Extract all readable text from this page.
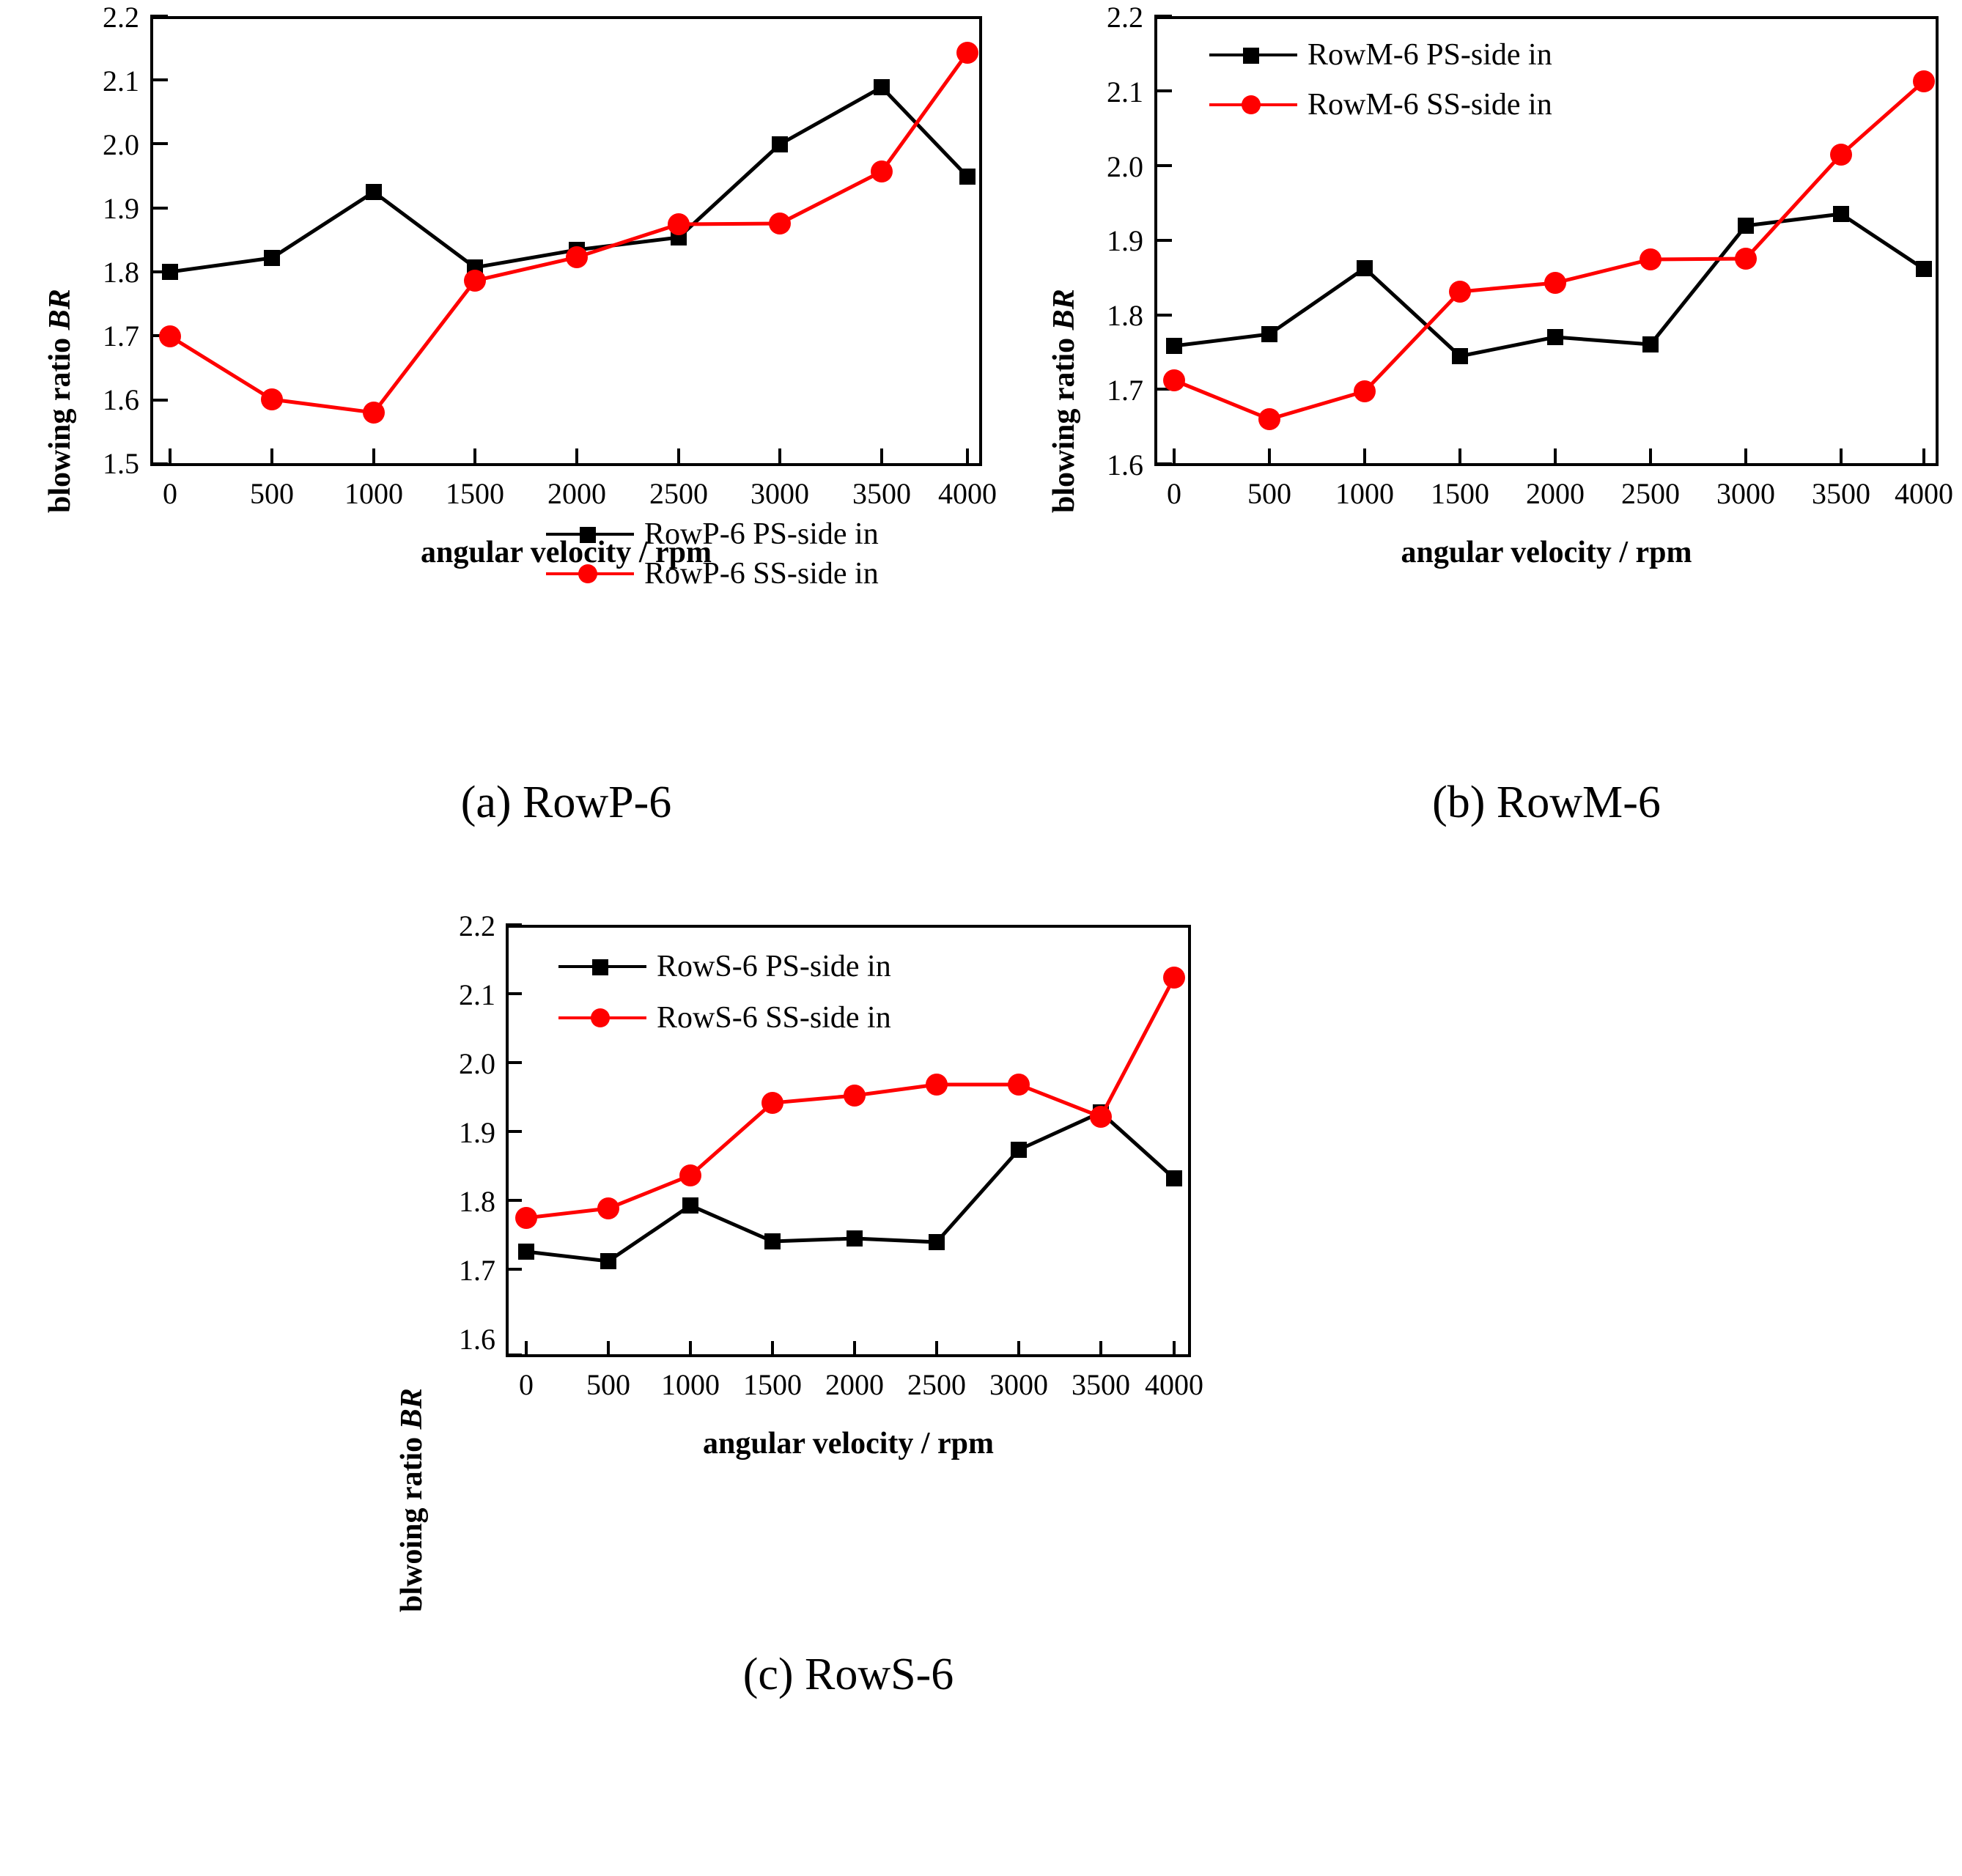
blowing ratio BR
2.2
2.1
2.0
1.9
1.8
1.7
1.6
1.5
RowP-6 PS-side in
RowP-6 SS-side in
0	500	1000	1500	2000	2500	3000	3500 4000
angular velocity / rpm
(a) RowP-6
blowing ratio BR
2.2
2.1
2.0
1.9
1.8
1.7
1.6
RowM-6 PS-side in
RowM-6 SS-side in
0	500	1000	1500	2000	2500	3000	3500 4000
angular velocity / rpm
(b) RowM-6
blwoing ratio BR
2.2
2.1
2.0
1.9
1.8
1.7
1.6
RowS-6 PS-side in
RowS-6 SS-side in
0	500	1000 1500 2000 2500 3000 3500 4000
angular velocity / rpm
(c) RowS-6
